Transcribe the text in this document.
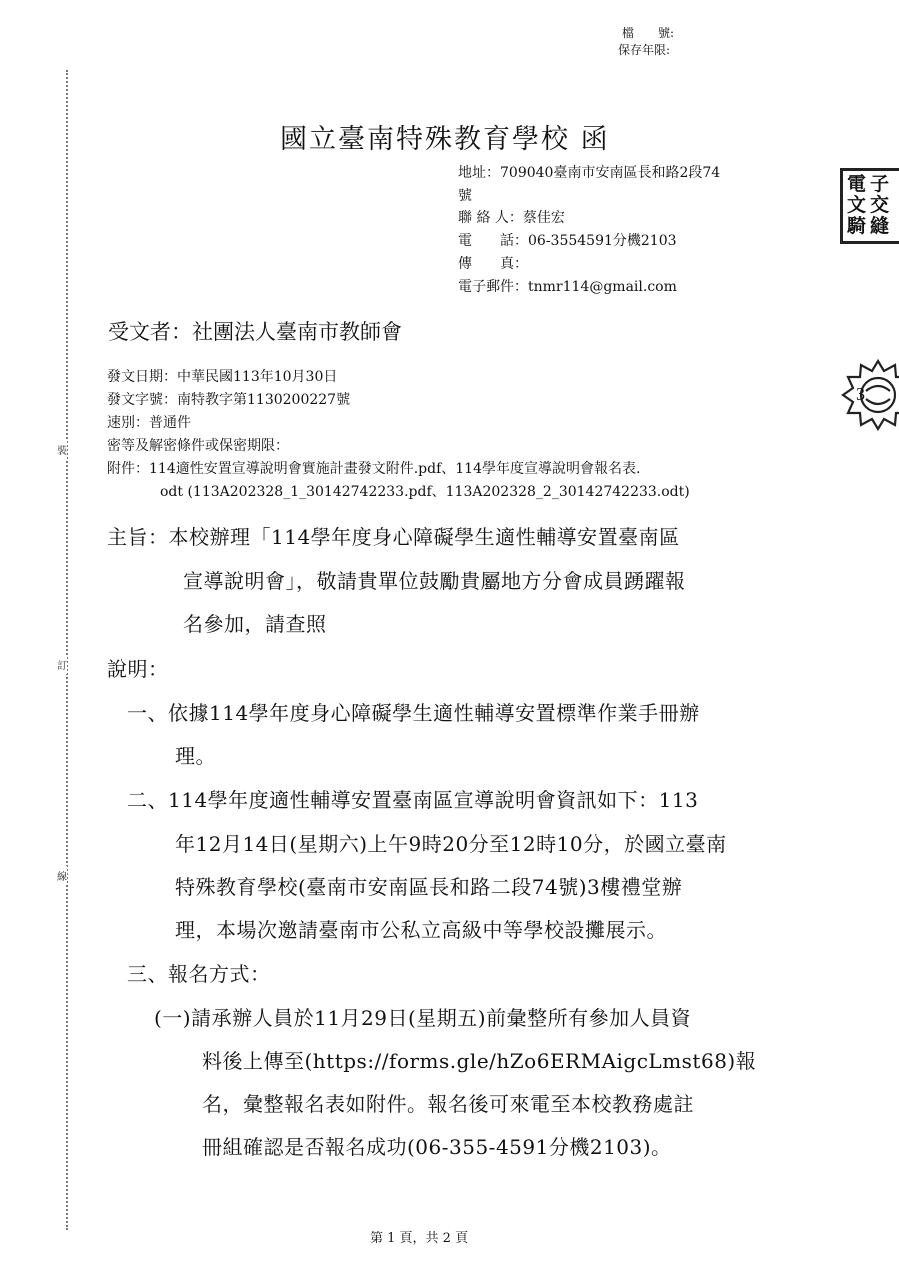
裝
訂
線
檔　　號:
保存年限:
國立臺南特殊教育學校 函
地址：709040臺南市安南區長和路2段74
號
聯 絡 人：蔡佳宏
電　　話：06-3554591分機2103
傳　　真：
電子郵件：tnmr114@gmail.com
電 子
文 交
騎 縫
3
受文者：社團法人臺南市教師會
發文日期：中華民國113年10月30日
發文字號：南特教字第1130200227號
速別：普通件
密等及解密條件或保密期限：
附件：114適性安置宣導說明會實施計畫發文附件.pdf、114學年度宣導說明會報名表.
odt (113A202328_1_30142742233.pdf、113A202328_2_30142742233.odt)
主旨：本校辦理「114學年度身心障礙學生適性輔導安置臺南區
宣導說明會」，敬請貴單位鼓勵貴屬地方分會成員踴躍報
名參加，請查照
說明：
一、依據114學年度身心障礙學生適性輔導安置標準作業手冊辦
理。
二、114學年度適性輔導安置臺南區宣導說明會資訊如下：113
年12月14日(星期六)上午9時20分至12時10分，於國立臺南
特殊教育學校(臺南市安南區長和路二段74號)3樓禮堂辦
理，本場次邀請臺南市公私立高級中等學校設攤展示。
三、報名方式：
(一)請承辦人員於11月29日(星期五)前彙整所有參加人員資
料後上傳至(https://forms.gle/hZo6ERMAigcLmst68)報
名，彙整報名表如附件。報名後可來電至本校教務處註
冊組確認是否報名成功(06-355-4591分機2103)。
第 1 頁，共 2 頁
